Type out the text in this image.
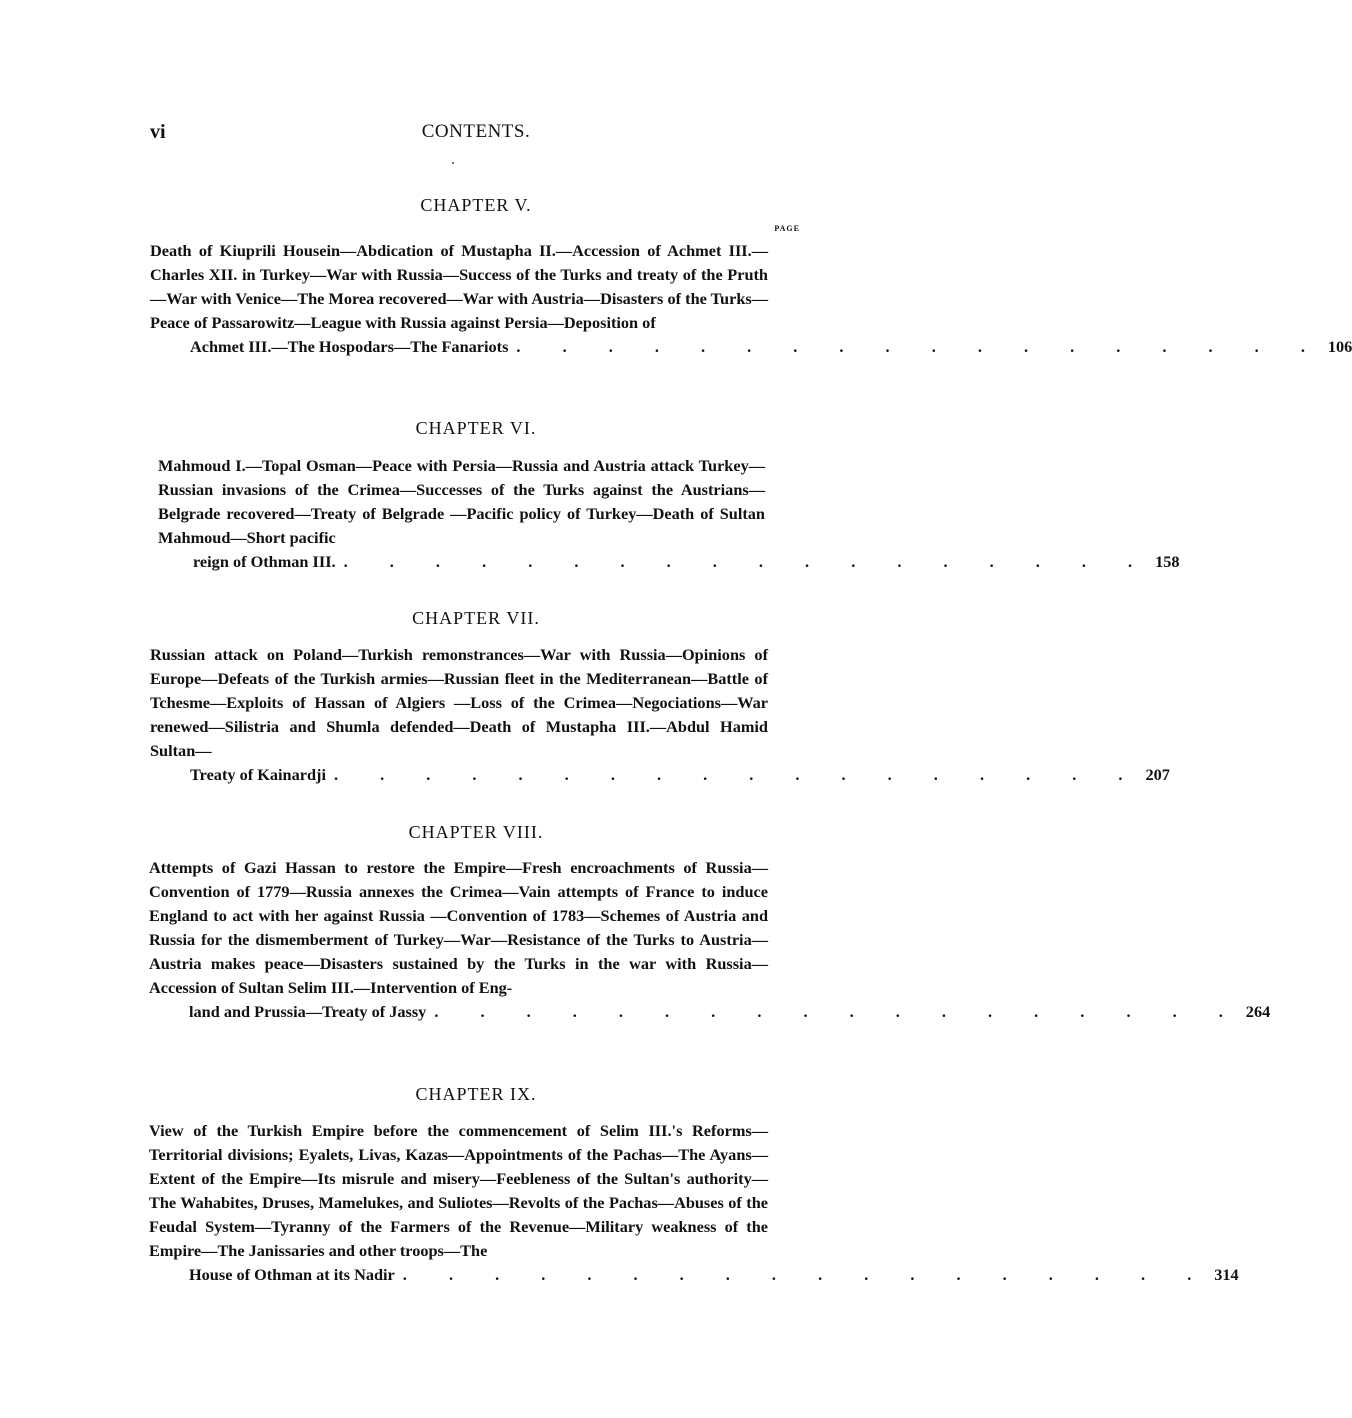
vi	CONTENTS.
CHAPTER V.
PAGE
Death of Kiuprili Housein—Abdication of Mustapha II.—Accession of Achmet III.—Charles XII. in Turkey—War with Russia—Success of the Turks and treaty of the Pruth—War with Venice—The Morea recovered—War with Austria—Disasters of the Turks—Peace of Passarowitz—League with Russia against Persia—Deposition of
Achmet III.—The Hospodars—The Fanariots . . . . . . . . . . . . . . . . . . 106
CHAPTER VI.
Mahmoud I.—Topal Osman—Peace with Persia—Russia and Austria attack Turkey—Russian invasions of the Crimea—Successes of the Turks against the Austrians—Belgrade recovered—Treaty of Belgrade —Pacific policy of Turkey—Death of Sultan Mahmoud—Short pacific
reign of Othman III. . . . . . . . . . . . . . . . . . . 158
CHAPTER VII.
Russian attack on Poland—Turkish remonstrances—War with Russia—Opinions of Europe—Defeats of the Turkish armies—Russian fleet in the Mediterranean—Battle of Tchesme—Exploits of Hassan of Algiers —Loss of the Crimea—Negociations—War renewed—Silistria and Shumla defended—Death of Mustapha III.—Abdul Hamid Sultan—
Treaty of Kainardji . . . . . . . . . . . . . . . . . . 207
CHAPTER VIII.
Attempts of Gazi Hassan to restore the Empire—Fresh encroachments of Russia—Convention of 1779—Russia annexes the Crimea—Vain attempts of France to induce England to act with her against Russia —Convention of 1783—Schemes of Austria and Russia for the dismemberment of Turkey—War—Resistance of the Turks to Austria—Austria makes peace—Disasters sustained by the Turks in the war with Russia—Accession of Sultan Selim III.—Intervention of Eng-
land and Prussia—Treaty of Jassy . . . . . . . . . . . . . . . . . . 264
CHAPTER IX.
View of the Turkish Empire before the commencement of Selim III.'s Reforms—Territorial divisions; Eyalets, Livas, Kazas—Appointments of the Pachas—The Ayans—Extent of the Empire—Its misrule and misery—Feebleness of the Sultan's authority—The Wahabites, Druses, Mamelukes, and Suliotes—Revolts of the Pachas—Abuses of the Feudal System—Tyranny of the Farmers of the Revenue—Military weakness of the Empire—The Janissaries and other troops—The
House of Othman at its Nadir . . . . . . . . . . . . . . . . . . 314
